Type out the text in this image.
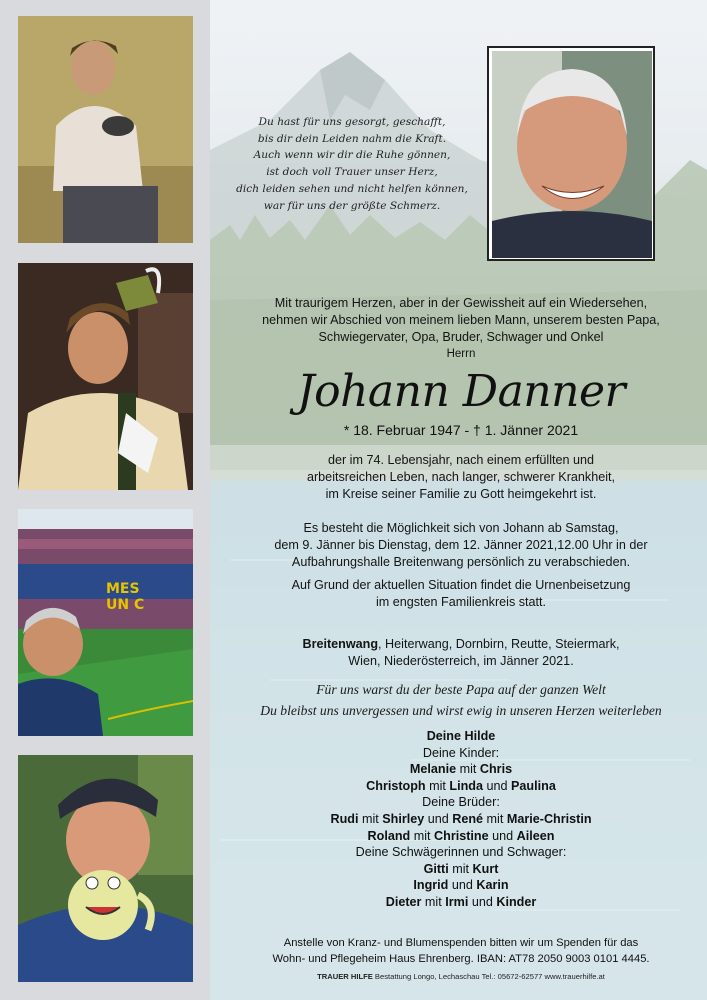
MES
UN C
Du hast für uns gesorgt, geschafft,
bis dir dein Leiden nahm die Kraft.
Auch wenn wir dir die Ruhe gönnen,
ist doch voll Trauer unser Herz,
dich leiden sehen und nicht helfen können,
war für uns der größte Schmerz.
Mit traurigem Herzen, aber in der Gewissheit auf ein Wiedersehen,
nehmen wir Abschied von meinem lieben Mann, unserem besten Papa,
Schwiegervater, Opa, Bruder, Schwager und Onkel
Herrn
Johann Danner
* 18. Februar 1947 - † 1. Jänner 2021
der im 74. Lebensjahr, nach einem erfüllten und
arbeitsreichen Leben, nach langer, schwerer Krankheit,
im Kreise seiner Familie zu Gott heimgekehrt ist.
Es besteht die Möglichkeit sich von Johann ab Samstag,
dem 9. Jänner bis Dienstag, dem 12. Jänner 2021,12.00 Uhr in der
Aufbahrungshalle Breitenwang persönlich zu verabschieden.
Auf Grund der aktuellen Situation findet die Urnenbeisetzung
im engsten Familienkreis statt.
Breitenwang, Heiterwang, Dornbirn, Reutte, Steiermark,
Wien, Niederösterreich, im Jänner 2021.
Für uns warst du der beste Papa auf der ganzen Welt
Du bleibst uns unvergessen und wirst ewig in unseren Herzen weiterleben
Deine Hilde
Deine Kinder:
Melanie mit Chris
Christoph mit Linda und Paulina
Deine Brüder:
Rudi mit Shirley und René mit Marie-Christin
Roland mit Christine und Aileen
Deine Schwägerinnen und Schwager:
Gitti mit Kurt
Ingrid und Karin
Dieter mit Irmi und Kinder
Anstelle von Kranz- und Blumenspenden bitten wir um Spenden für das
Wohn- und Pflegeheim Haus Ehrenberg. IBAN: AT78 2050 9003 0101 4445.
TRAUER HILFE Bestattung Longo, Lechaschau Tel.: 05672-62577 www.trauerhilfe.at
